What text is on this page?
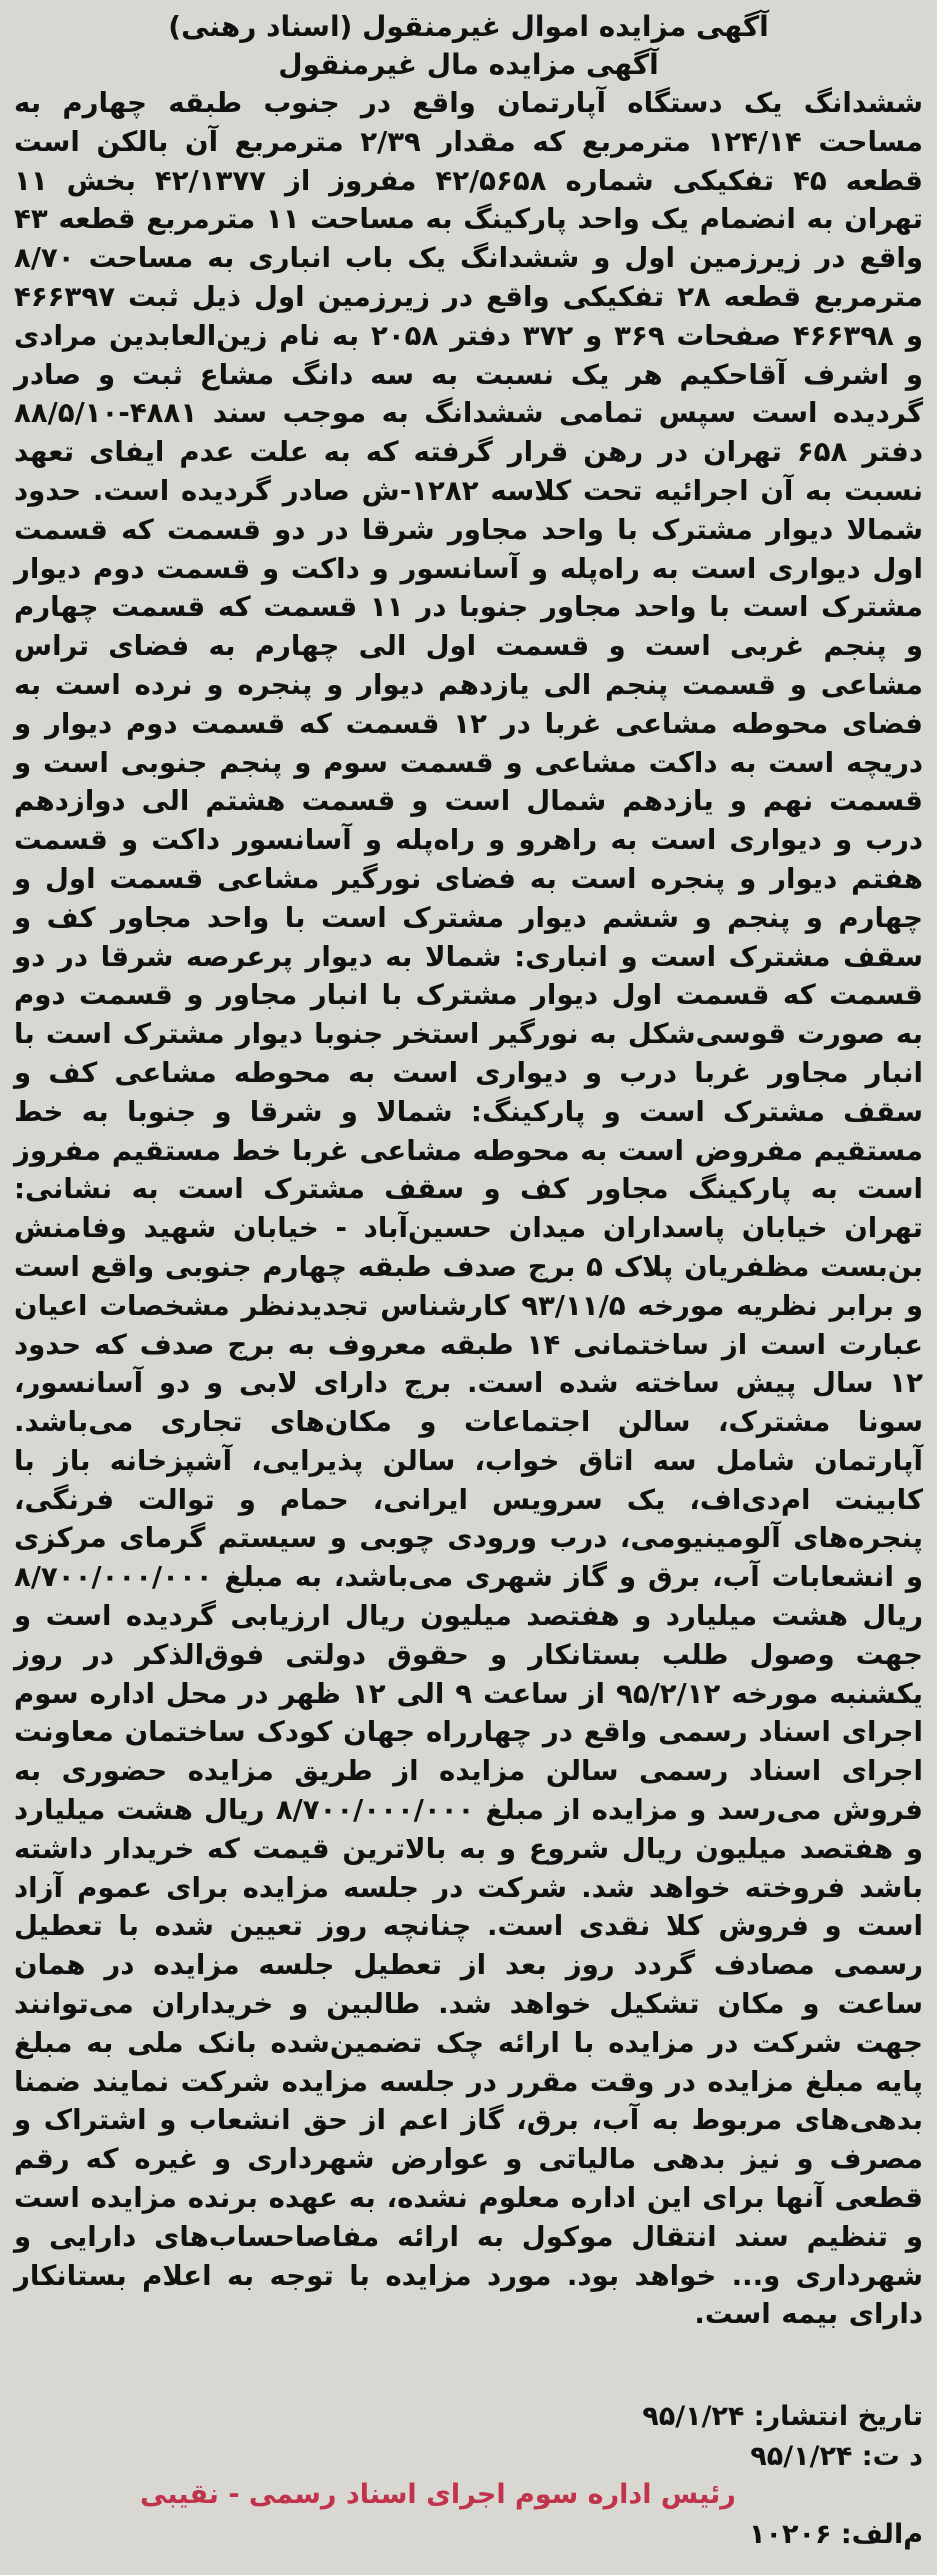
آگهی مزایده اموال غیرمنقول (اسناد رهنی)

آگهی مزایده مال غیرمنقول

ششدانگ یک دستگاه آپارتمان واقع در جنوب طبقه چهارم به مساحت ۱۲۴/۱۴ مترمربع که مقدار ۲/۳۹ مترمربع آن بالکن است قطعه ۴۵ تفکیکی شماره ۴۲/۵۶۵۸ مفروز از ۴۲/۱۳۷۷ بخش ۱۱ تهران به انضمام یک واحد پارکینگ به مساحت ۱۱ مترمربع قطعه ۴۳ واقع در زیرزمین اول و ششدانگ یک باب انباری به مساحت ۸/۷۰ مترمربع قطعه ۲۸ تفکیکی واقع در زیرزمین اول ذیل ثبت ۴۶۶۳۹۷ و ۴۶۶۳۹۸ صفحات ۳۶۹ و ۳۷۲ دفتر ۲۰۵۸ به نام زین‌العابدین مرادی و اشرف آقاحکیم هر یک نسبت به سه دانگ مشاع ثبت و صادر گردیده است سپس تمامی ششدانگ به موجب سند ۴۸۸۱-۸۸/۵/۱۰ دفتر ۶۵۸ تهران در رهن قرار گرفته که به علت عدم ایفای تعهد نسبت به آن اجرائیه تحت کلاسه ۱۲۸۲-ش صادر گردیده است. حدود شمالا دیوار مشترک با واحد مجاور شرقا در دو قسمت که قسمت اول دیواری است به راه‌پله و آسانسور و داکت و قسمت دوم دیوار مشترک است با واحد مجاور جنوبا در ۱۱ قسمت که قسمت چهارم و پنجم غربی است و قسمت اول الی چهارم به فضای تراس مشاعی و قسمت پنجم الی یازدهم دیوار و پنجره و نرده است به فضای محوطه مشاعی غربا در ۱۲ قسمت که قسمت دوم دیوار و دریچه است به داکت مشاعی و قسمت سوم و پنجم جنوبی است و قسمت نهم و یازدهم شمال است و قسمت هشتم الی دوازدهم درب و دیواری است به راهرو و راه‌پله و آسانسور داکت و قسمت هفتم دیوار و پنجره است به فضای نورگیر مشاعی قسمت اول و چهارم و پنجم و ششم دیوار مشترک است با واحد مجاور کف و سقف مشترک است و انباری: شمالا به دیوار پرعرصه شرقا در دو قسمت که قسمت اول دیوار مشترک با انبار مجاور و قسمت دوم به صورت قوسی‌شکل به نورگیر استخر جنوبا دیوار مشترک است با انبار مجاور غربا درب و دیواری است به محوطه مشاعی کف و سقف مشترک است و پارکینگ: شمالا و شرقا و جنوبا به خط مستقیم مفروض است به محوطه مشاعی غربا خط مستقیم مفروز است به پارکینگ مجاور کف و سقف مشترک است به نشانی: تهران خیابان پاسداران میدان حسین‌آباد - خیابان شهید وفامنش بن‌بست مظفریان پلاک ۵ برج صدف طبقه چهارم جنوبی واقع است و برابر نظریه مورخه ۹۳/۱۱/۵ کارشناس تجدیدنظر مشخصات اعیان عبارت است از ساختمانی ۱۴ طبقه معروف به برج صدف که حدود ۱۲ سال پیش ساخته شده است. برج دارای لابی و دو آسانسور، سونا مشترک، سالن اجتماعات و مکان‌های تجاری می‌باشد. آپارتمان شامل سه اتاق خواب، سالن پذیرایی، آشپزخانه باز با کابینت ام‌دی‌اف، یک سرویس ایرانی، حمام و توالت فرنگی، پنجره‌های آلومینیومی، درب ورودی چوبی و سیستم گرمای مرکزی و انشعابات آب، برق و گاز شهری می‌باشد، به مبلغ ۸/۷۰۰/۰۰۰/۰۰۰ ریال هشت میلیارد و هفتصد میلیون ریال ارزیابی گردیده است و جهت وصول طلب بستانکار و حقوق دولتی فوق‌الذکر در روز یکشنبه مورخه ۹۵/۲/۱۲ از ساعت ۹ الی ۱۲ ظهر در محل اداره سوم اجرای اسناد رسمی واقع در چهارراه جهان کودک ساختمان معاونت اجرای اسناد رسمی سالن مزایده از طریق مزایده حضوری به فروش می‌رسد و مزایده از مبلغ ۸/۷۰۰/۰۰۰/۰۰۰ ریال هشت میلیارد و هفتصد میلیون ریال شروع و به بالاترین قیمت که خریدار داشته باشد فروخته خواهد شد. شرکت در جلسه مزایده برای عموم آزاد است و فروش کلا نقدی است. چنانچه روز تعیین شده با تعطیل رسمی مصادف گردد روز بعد از تعطیل جلسه مزایده در همان ساعت و مکان تشکیل خواهد شد. طالبین و خریداران می‌توانند جهت شرکت در مزایده با ارائه چک تضمین‌شده بانک ملی به مبلغ پایه مبلغ مزایده در وقت مقرر در جلسه مزایده شرکت نمایند ضمنا بدهی‌های مربوط به آب، برق، گاز اعم از حق انشعاب و اشتراک و مصرف و نیز بدهی مالیاتی و عوارض شهرداری و غیره که رقم قطعی آنها برای این اداره معلوم نشده، به عهده برنده مزایده است و تنظیم سند انتقال موکول به ارائه مفاصاحساب‌های دارایی و شهرداری و... خواهد بود. مورد مزایده با توجه به اعلام بستانکار دارای بیمه است.

تاریخ انتشار: ۹۵/۱/۲۴
د ت: ۹۵/۱/۲۴
رئیس اداره سوم اجرای اسناد رسمی - نقیبی
م‌الف: ۱۰۲۰۶
